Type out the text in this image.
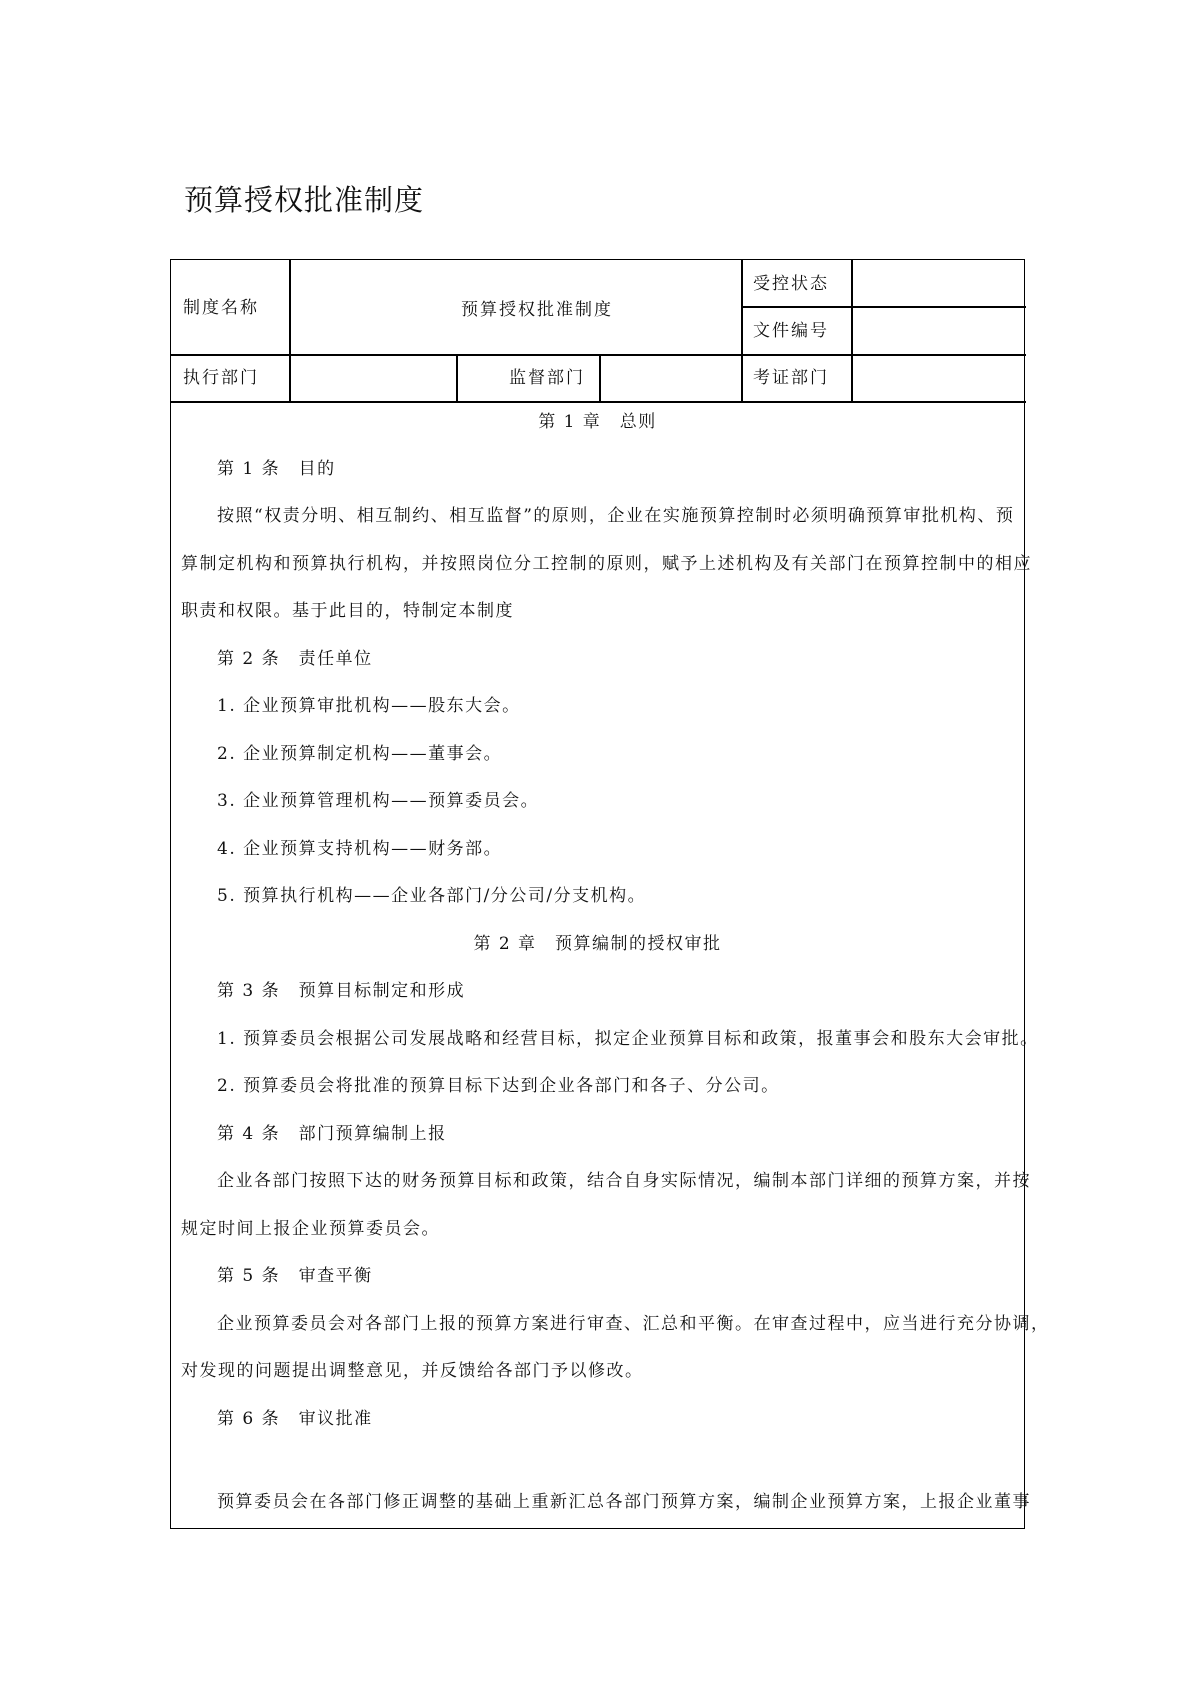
预算授权批准制度
制度名称	预算授权批准制度
受控状态
文件编号
执行部门	监督部门	考证部门
第 1 章　总则
第 1 条　目的
按照“权责分明、相互制约、相互监督”的原则，企业在实施预算控制时必须明确预算审批机构、预
算制定机构和预算执行机构，并按照岗位分工控制的原则，赋予上述机构及有关部门在预算控制中的相应
职责和权限。基于此目的，特制定本制度
第 2 条　责任单位
1. 企业预算审批机构——股东大会。
2. 企业预算制定机构——董事会。
3. 企业预算管理机构——预算委员会。
4. 企业预算支持机构——财务部。
5. 预算执行机构——企业各部门/分公司/分支机构。
第 2 章　预算编制的授权审批
第 3 条　预算目标制定和形成
1. 预算委员会根据公司发展战略和经营目标，拟定企业预算目标和政策，报董事会和股东大会审批。
2. 预算委员会将批准的预算目标下达到企业各部门和各子、分公司。
第 4 条　部门预算编制上报
企业各部门按照下达的财务预算目标和政策，结合自身实际情况，编制本部门详细的预算方案，并按
规定时间上报企业预算委员会。
第 5 条　审查平衡
企业预算委员会对各部门上报的预算方案进行审查、汇总和平衡。在审查过程中，应当进行充分协调，
对发现的问题提出调整意见，并反馈给各部门予以修改。
第 6 条　审议批准
预算委员会在各部门修正调整的基础上重新汇总各部门预算方案，编制企业预算方案，上报企业董事
